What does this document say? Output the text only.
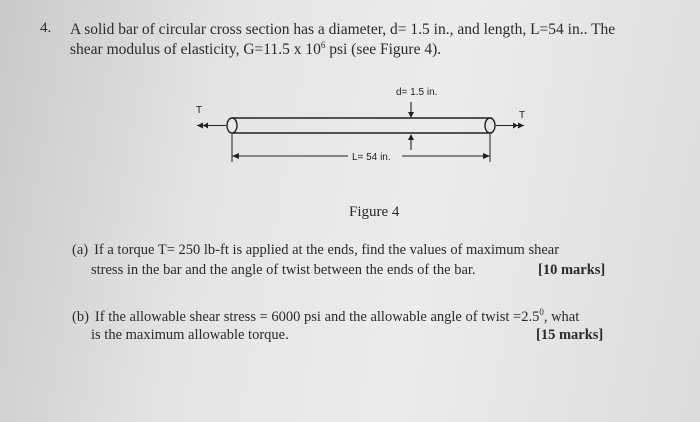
4. A solid bar of circular cross section has a diameter, d= 1.5 in., and length, L=54 in.. The
shear modulus of elasticity, G=11.5 x $10^6$ psi (see Figure 4).
d= 1.5 in.
T	T
L= 54 in.
Figure 4
(a) If a torque T= 250 lb-ft is applied at the ends, find the values of maximum shear
stress in the bar and the angle of twist between the ends of the bar.	[10 marks]
(b) If the allowable shear stress = 6000 psi and the allowable angle of twist $=2.5^0$, what
is the maximum allowable torque.	[15 marks]
